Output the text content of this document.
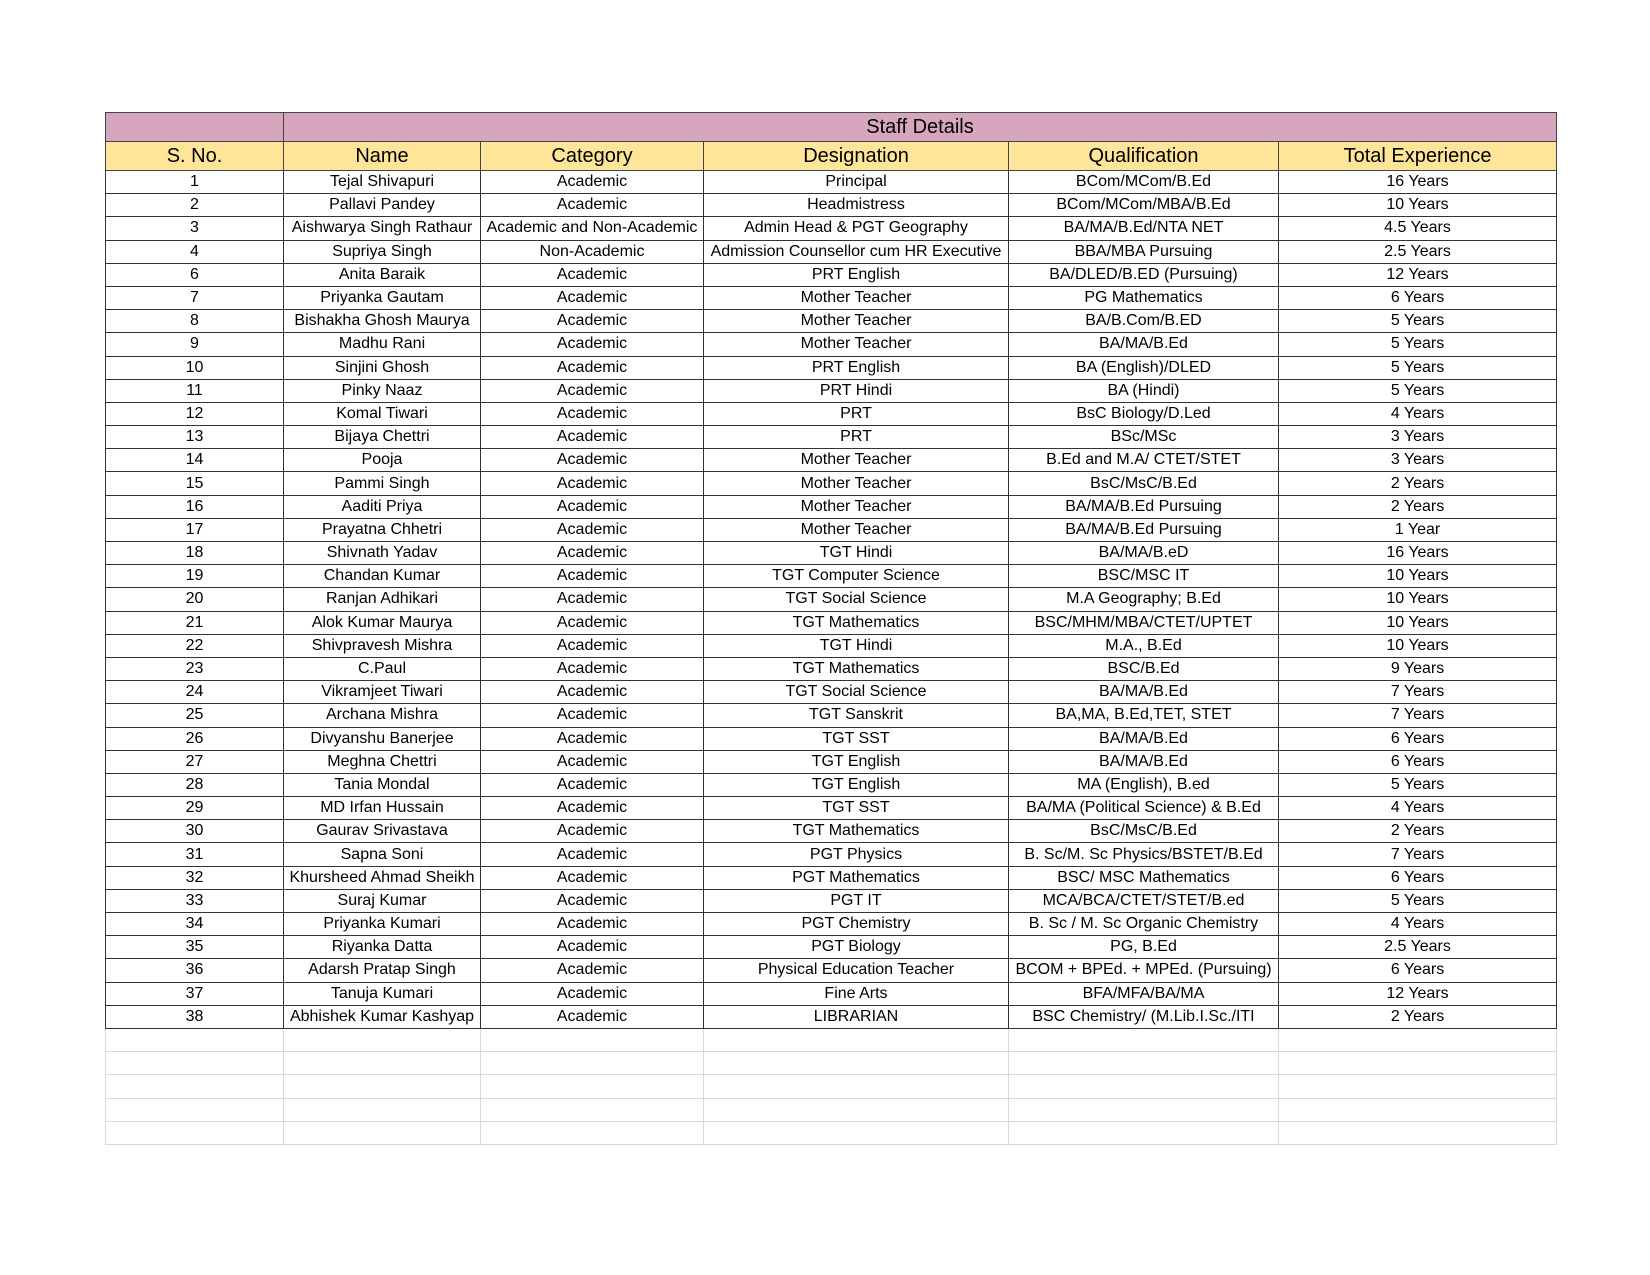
	Staff Details				
S. No.	Name	Category	Designation	Qualification	Total Experience
1	Tejal Shivapuri	Academic	Principal	BCom/MCom/B.Ed	16 Years
2	Pallavi Pandey	Academic	Headmistress	BCom/MCom/MBA/B.Ed	10 Years
3	Aishwarya Singh Rathaur	Academic and Non-Academic	Admin Head & PGT Geography	BA/MA/B.Ed/NTA NET	4.5 Years
4	Supriya Singh	Non-Academic	Admission Counsellor cum HR Executive	BBA/MBA Pursuing	2.5 Years
6	Anita Baraik	Academic	PRT English	BA/DLED/B.ED (Pursuing)	12 Years
7	Priyanka Gautam	Academic	Mother Teacher	PG Mathematics	6 Years
8	Bishakha Ghosh Maurya	Academic	Mother Teacher	BA/B.Com/B.ED	5 Years
9	Madhu Rani	Academic	Mother Teacher	BA/MA/B.Ed	5 Years
10	Sinjini Ghosh	Academic	PRT English	BA (English)/DLED	5 Years
11	Pinky Naaz	Academic	PRT Hindi	BA (Hindi)	5 Years
12	Komal Tiwari	Academic	PRT	BsC Biology/D.Led	4 Years
13	Bijaya Chettri	Academic	PRT	BSc/MSc	3 Years
14	Pooja	Academic	Mother Teacher	B.Ed and M.A/ CTET/STET	3 Years
15	Pammi Singh	Academic	Mother Teacher	BsC/MsC/B.Ed	2 Years
16	Aaditi Priya	Academic	Mother Teacher	BA/MA/B.Ed Pursuing	2 Years
17	Prayatna Chhetri	Academic	Mother Teacher	BA/MA/B.Ed Pursuing	1 Year
18	Shivnath Yadav	Academic	TGT Hindi	BA/MA/B.eD	16 Years
19	Chandan Kumar	Academic	TGT Computer Science	BSC/MSC IT	10 Years
20	Ranjan Adhikari	Academic	TGT Social Science	M.A Geography; B.Ed	10 Years
21	Alok Kumar Maurya	Academic	TGT Mathematics	BSC/MHM/MBA/CTET/UPTET	10 Years
22	Shivpravesh Mishra	Academic	TGT Hindi	M.A., B.Ed	10 Years
23	C.Paul	Academic	TGT Mathematics	BSC/B.Ed	9 Years
24	Vikramjeet Tiwari	Academic	TGT Social Science	BA/MA/B.Ed	7 Years
25	Archana Mishra	Academic	TGT Sanskrit	BA,MA, B.Ed,TET, STET	7 Years
26	Divyanshu Banerjee	Academic	TGT SST	BA/MA/B.Ed	6 Years
27	Meghna Chettri	Academic	TGT English	BA/MA/B.Ed	6 Years
28	Tania Mondal	Academic	TGT English	MA (English), B.ed	5 Years
29	MD Irfan Hussain	Academic	TGT SST	BA/MA (Political Science) & B.Ed	4 Years
30	Gaurav Srivastava	Academic	TGT Mathematics	BsC/MsC/B.Ed	2 Years
31	Sapna Soni	Academic	PGT Physics	B. Sc/M. Sc Physics/BSTET/B.Ed	7 Years
32	Khursheed Ahmad Sheikh	Academic	PGT Mathematics	BSC/ MSC Mathematics	6 Years
33	Suraj Kumar	Academic	PGT IT	MCA/BCA/CTET/STET/B.ed	5 Years
34	Priyanka Kumari	Academic	PGT Chemistry	B. Sc / M. Sc Organic Chemistry	4 Years
35	Riyanka Datta	Academic	PGT Biology	PG, B.Ed	2.5 Years
36	Adarsh Pratap Singh	Academic	Physical Education Teacher	BCOM + BPEd. + MPEd. (Pursuing)	6 Years
37	Tanuja Kumari	Academic	Fine Arts	BFA/MFA/BA/MA	12 Years
38	Abhishek Kumar Kashyap	Academic	LIBRARIAN	BSC Chemistry/ (M.Lib.I.Sc./ITI	2 Years
